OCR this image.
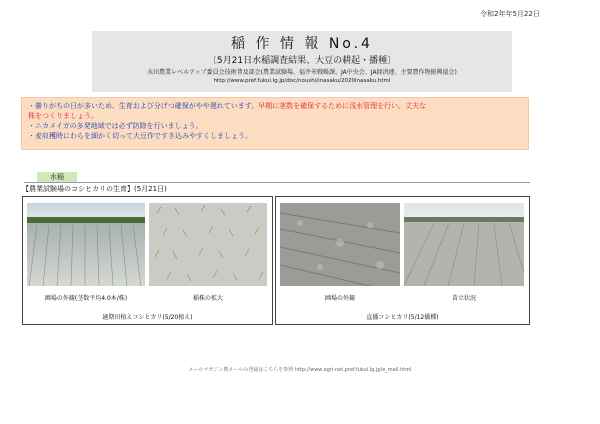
令和2年年5月22日
稲 作 情 報 No.4
〔5月21日水稲調査結果、大豆の耕起・播種〕
水田農業レベルアップ委員会技術普及部会(農業試験場、福井米戦略課、JA中央会、JA経済連、主要農作物振興協会)
http://www.pref.fukui.lg.jp/doc/noushi/inasaku/2020inasaku.html
・曇りがちの日が多いため、生育および分げつ確保がやや遅れています。早期に茎数を確保するために浅水管理を行い、丈夫な
株をつくりましょう。
・ニカメイガの多発地域では必ず防除を行いましょう。
・麦収穫時にわらを細かく切って大豆作ですき込みやすくしましょう。
水稲
【農業試験場のコシヒカリの生育】(5月21日)
圃場の外観(茎数平均4.0本/株)	稲株の拡大
適期田植えコシヒカリ(5/20植え)
圃場の外観	苗立状況
直播コシヒカリ(5/12播種)
メールマガジン農メールの登録はこちらを参照 http://www.agri-net.pref.fukui.lg.jp/e_mail.html
